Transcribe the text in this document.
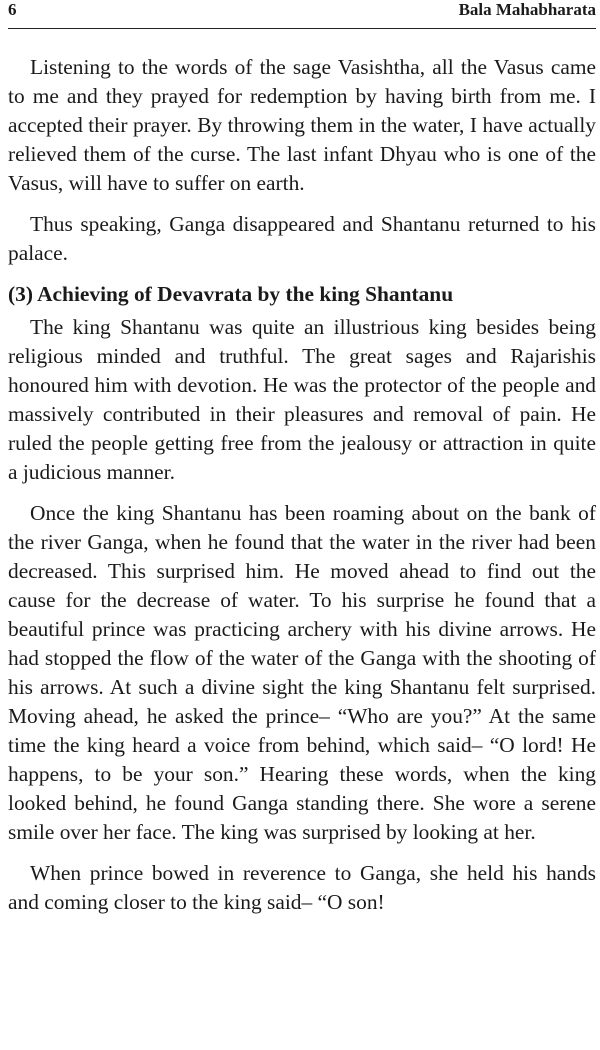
6	Bala Mahabharata

Listening to the words of the sage Vasishtha, all the Vasus came to me and they prayed for redemption by having birth from me. I accepted their prayer. By throwing them in the water, I have actually relieved them of the curse. The last infant Dhyau who is one of the Vasus, will have to suffer on earth.

Thus speaking, Ganga disappeared and Shantanu returned to his palace.

(3) Achieving of Devavrata by the king Shantanu

The king Shantanu was quite an illustrious king besides being religious minded and truthful. The great sages and Rajarishis honoured him with devotion. He was the protector of the people and massively contributed in their pleasures and removal of pain. He ruled the people getting free from the jealousy or attraction in quite a judicious manner.

Once the king Shantanu has been roaming about on the bank of the river Ganga, when he found that the water in the river had been decreased. This surprised him. He moved ahead to find out the cause for the decrease of water. To his surprise he found that a beautiful prince was practicing archery with his divine arrows. He had stopped the flow of the water of the Ganga with the shooting of his arrows. At such a divine sight the king Shantanu felt surprised. Moving ahead, he asked the prince– “Who are you?” At the same time the king heard a voice from behind, which said– “O lord! He happens, to be your son.” Hearing these words, when the king looked behind, he found Ganga standing there. She wore a serene smile over her face. The king was surprised by looking at her.

When prince bowed in reverence to Ganga, she held his hands and coming closer to the king said– “O son!
